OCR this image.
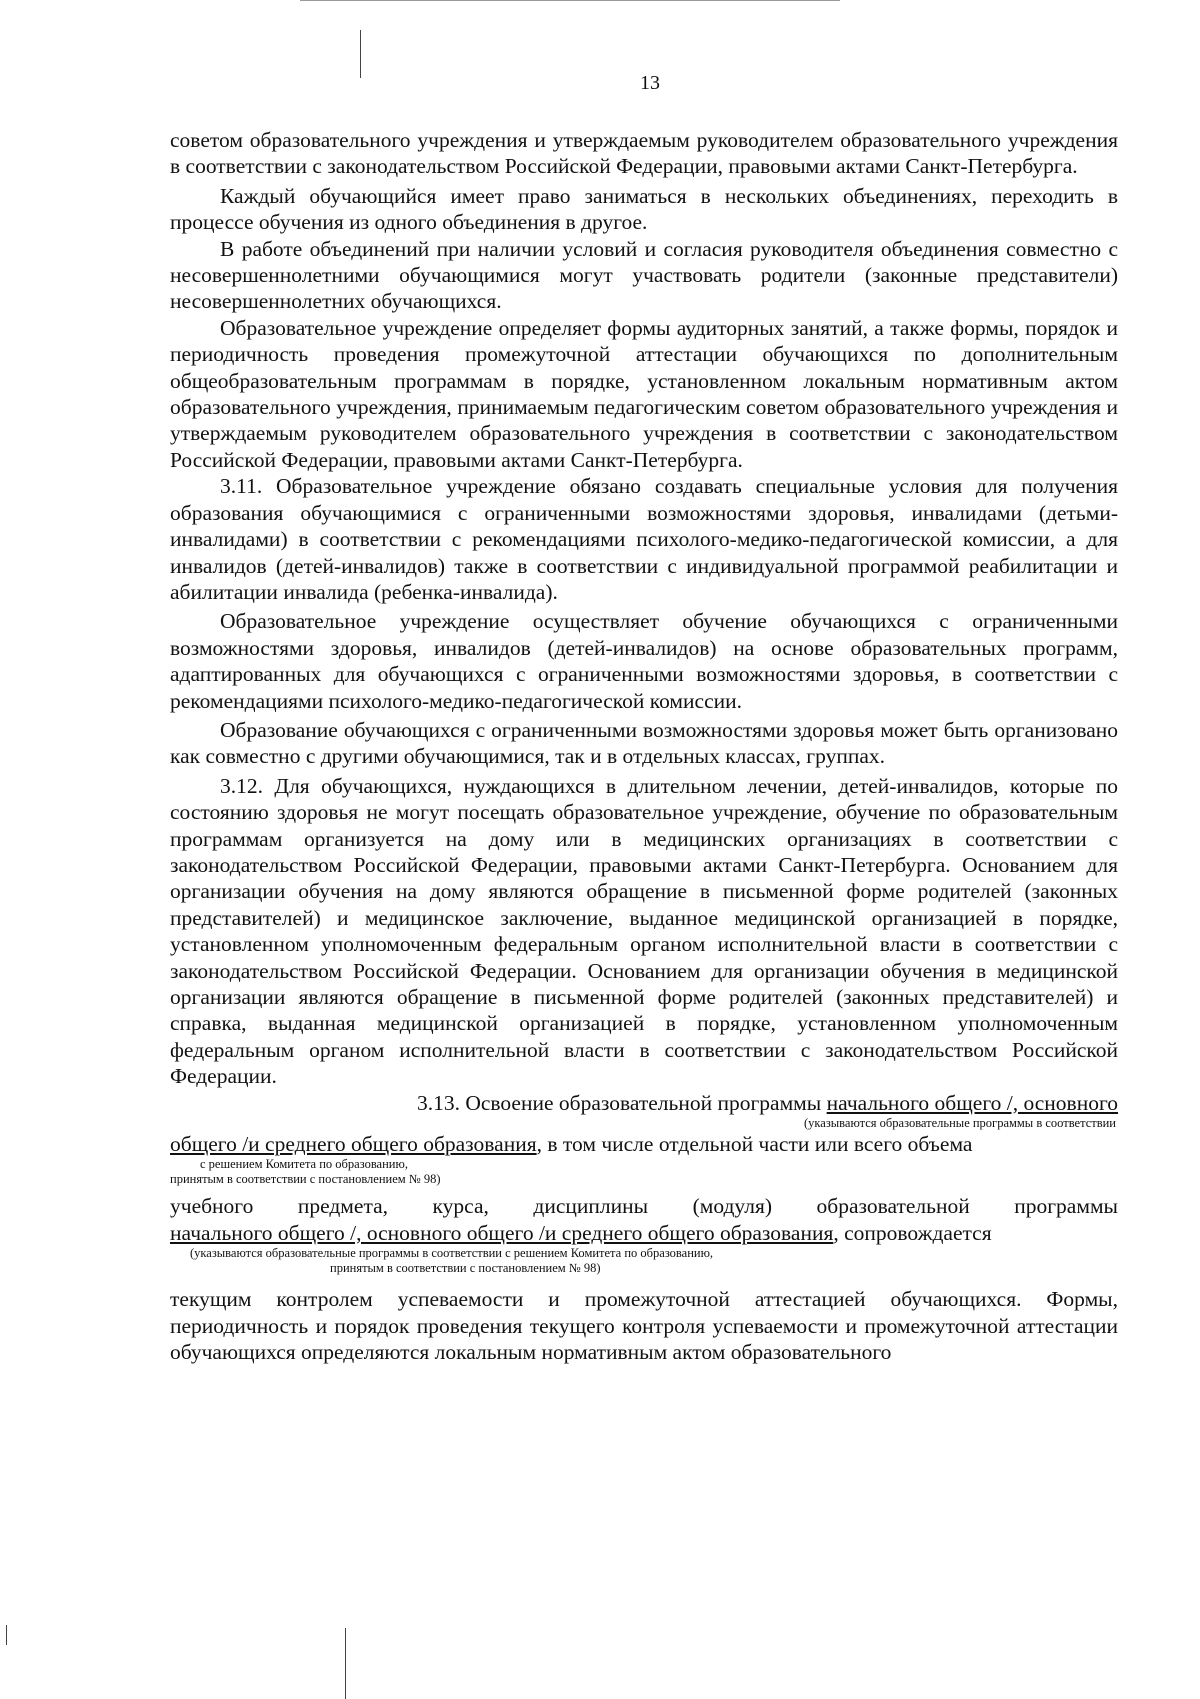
13

советом образовательного учреждения и утверждаемым руководителем образовательного учреждения в соответствии с законодательством Российской Федерации, правовыми актами Санкт-Петербурга.

Каждый обучающийся имеет право заниматься в нескольких объединениях, переходить в процессе обучения из одного объединения в другое.

В работе объединений при наличии условий и согласия руководителя объединения совместно с несовершеннолетними обучающимися могут участвовать родители (законные представители) несовершеннолетних обучающихся.

Образовательное учреждение определяет формы аудиторных занятий, а также формы, порядок и периодичность проведения промежуточной аттестации обучающихся по дополнительным общеобразовательным программам в порядке, установленном локальным нормативным актом образовательного учреждения, принимаемым педагогическим советом образовательного учреждения и утверждаемым руководителем образовательного учреждения в соответствии с законодательством Российской Федерации, правовыми актами Санкт-Петербурга.

3.11. Образовательное учреждение обязано создавать специальные условия для получения образования обучающимися с ограниченными возможностями здоровья, инвалидами (детьми-инвалидами) в соответствии с рекомендациями психолого-медико-педагогической комиссии, а для инвалидов (детей-инвалидов) также в соответствии с индивидуальной программой реабилитации и абилитации инвалида (ребенка-инвалида).

Образовательное учреждение осуществляет обучение обучающихся с ограниченными возможностями здоровья, инвалидов (детей-инвалидов) на основе образовательных программ, адаптированных для обучающихся с ограниченными возможностями здоровья, в соответствии с рекомендациями психолого-медико-педагогической комиссии.

Образование обучающихся с ограниченными возможностями здоровья может быть организовано как совместно с другими обучающимися, так и в отдельных классах, группах.

3.12. Для обучающихся, нуждающихся в длительном лечении, детей-инвалидов, которые по состоянию здоровья не могут посещать образовательное учреждение, обучение по образовательным программам организуется на дому или в медицинских организациях в соответствии с законодательством Российской Федерации, правовыми актами Санкт-Петербурга. Основанием для организации обучения на дому являются обращение в письменной форме родителей (законных представителей) и медицинское заключение, выданное медицинской организацией в порядке, установленном уполномоченным федеральным органом исполнительной власти в соответствии с законодательством Российской Федерации. Основанием для организации обучения в медицинской организации являются обращение в письменной форме родителей (законных представителей) и справка, выданная медицинской организацией в порядке, установленном уполномоченным федеральным органом исполнительной власти в соответствии с законодательством Российской Федерации.

3.13. Освоение образовательной программы начального общего /, основного

(указываются образовательные программы в соответствии

общего /и среднего общего образования, в том числе отдельной части или всего объема

с решением Комитета по образованию,
принятым в соответствии с постановлением № 98)

учебного предмета, курса, дисциплины (модуля) образовательной программы

начального общего /, основного общего /и среднего общего образования, сопровождается

(указываются образовательные программы в соответствии с решением Комитета по образованию,
принятым в соответствии с постановлением № 98)

текущим контролем успеваемости и промежуточной аттестацией обучающихся. Формы, периодичность и порядок проведения текущего контроля успеваемости и промежуточной аттестации обучающихся определяются локальным нормативным актом образовательного
